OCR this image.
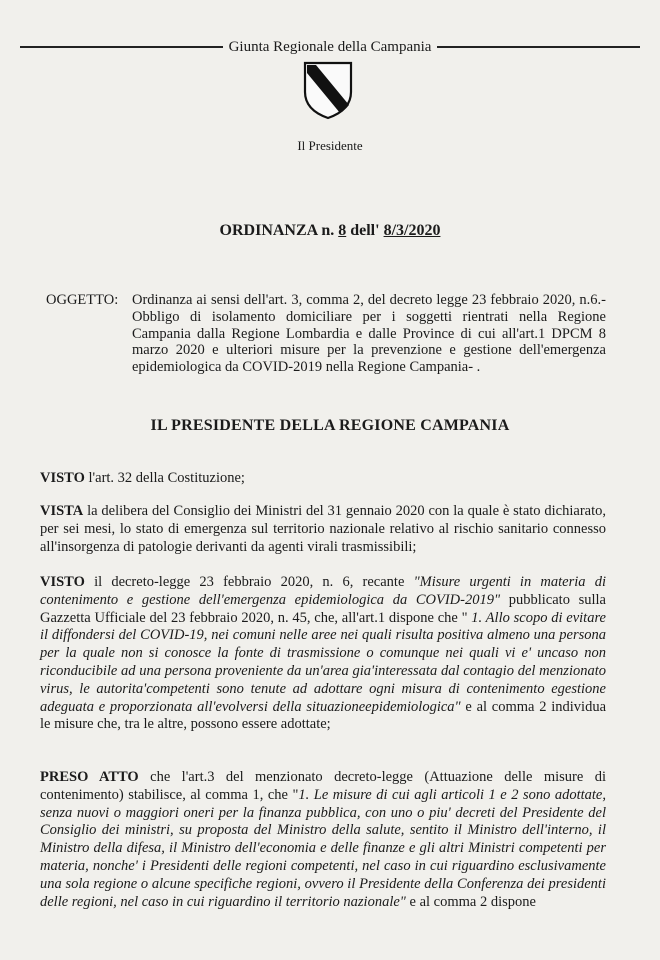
Giunta Regionale della Campania
Il Presidente
ORDINANZA n. 8 dell' 8/3/2020
OGGETTO: Ordinanza ai sensi dell'art. 3, comma 2, del decreto legge 23 febbraio 2020, n.6.- Obbligo di isolamento domiciliare per i soggetti rientrati nella Regione Campania dalla Regione Lombardia e dalle Province di cui all'art.1 DPCM 8 marzo 2020 e ulteriori misure per la prevenzione e gestione dell'emergenza epidemiologica da COVID-2019 nella Regione Campania- .
IL PRESIDENTE DELLA REGIONE CAMPANIA
VISTO l'art. 32 della Costituzione;
VISTA la delibera del Consiglio dei Ministri del 31 gennaio 2020 con la quale è stato dichiarato, per sei mesi, lo stato di emergenza sul territorio nazionale relativo al rischio sanitario connesso all'insorgenza di patologie derivanti da agenti virali trasmissibili;
VISTO il decreto-legge 23 febbraio 2020, n. 6, recante "Misure urgenti in materia di contenimento e gestione dell'emergenza epidemiologica da COVID-2019" pubblicato sulla Gazzetta Ufficiale del 23 febbraio 2020, n. 45, che, all'art.1 dispone che " 1. Allo scopo di evitare il diffondersi del COVID-19, nei comuni nelle aree nei quali risulta positiva almeno una persona per la quale non si conosce la fonte di trasmissione o comunque nei quali vi e' uncaso non riconducibile ad una persona proveniente da un'area gia'interessata dal contagio del menzionato virus, le autorita'competenti sono tenute ad adottare ogni misura di contenimento egestione adeguata e proporzionata all'evolversi della situazioneepidemiologica" e al comma 2 individua le misure che, tra le altre, possono essere adottate;
PRESO ATTO che l'art.3 del menzionato decreto-legge (Attuazione delle misure di contenimento) stabilisce, al comma 1, che "1. Le misure di cui agli articoli 1 e 2 sono adottate, senza nuovi o maggiori oneri per la finanza pubblica, con uno o piu' decreti del Presidente del Consiglio dei ministri, su proposta del Ministro della salute, sentito il Ministro dell'interno, il Ministro della difesa, il Ministro dell'economia e delle finanze e gli altri Ministri competenti per materia, nonche' i Presidenti delle regioni competenti, nel caso in cui riguardino esclusivamente una sola regione o alcune specifiche regioni, ovvero il Presidente della Conferenza dei presidenti delle regioni, nel caso in cui riguardino il territorio nazionale" e al comma 2 dispone
